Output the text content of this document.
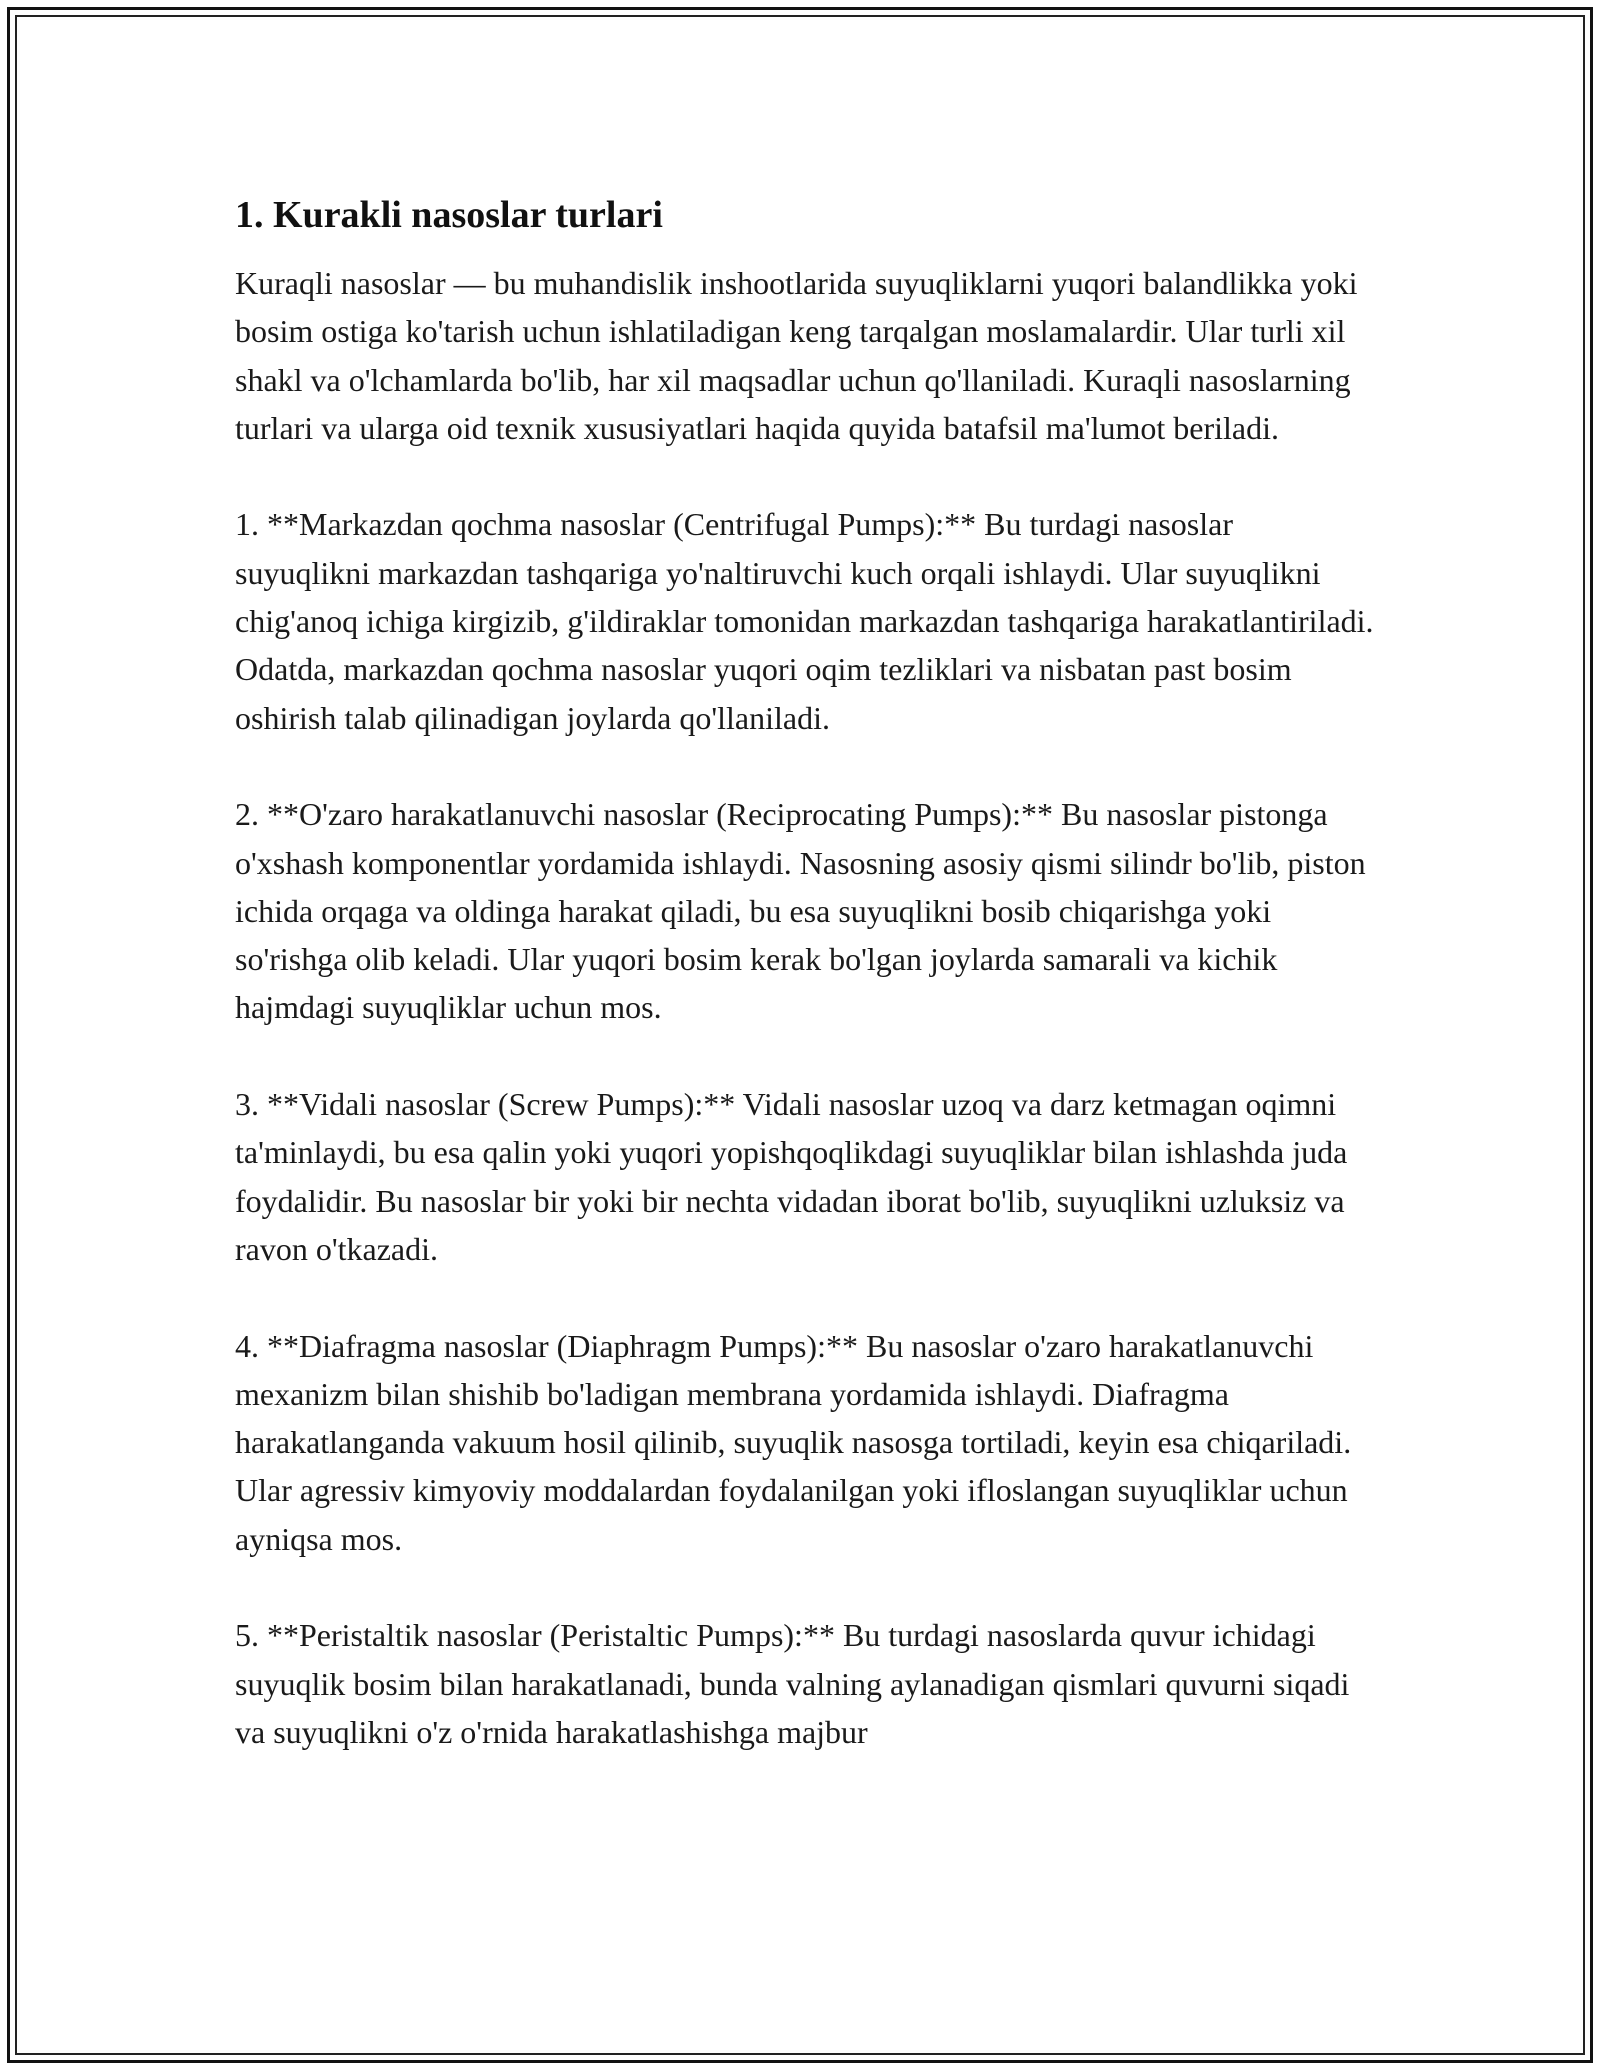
1. Kurakli nasoslar turlari

Kuraqli nasoslar — bu muhandislik inshootlarida suyuqliklarni yuqori balandlikka yoki bosim ostiga ko'tarish uchun ishlatiladigan keng tarqalgan moslamalardir. Ular turli xil shakl va o'lchamlarda bo'lib, har xil maqsadlar uchun qo'llaniladi. Kuraqli nasoslarning turlari va ularga oid texnik xususiyatlari haqida quyida batafsil ma'lumot beriladi.

1. **Markazdan qochma nasoslar (Centrifugal Pumps):** Bu turdagi nasoslar suyuqlikni markazdan tashqariga yo'naltiruvchi kuch orqali ishlaydi. Ular suyuqlikni chig'anoq ichiga kirgizib, g'ildiraklar tomonidan markazdan tashqariga harakatlantiriladi. Odatda, markazdan qochma nasoslar yuqori oqim tezliklari va nisbatan past bosim oshirish talab qilinadigan joylarda qo'llaniladi.

2. **O'zaro harakatlanuvchi nasoslar (Reciprocating Pumps):** Bu nasoslar pistonga o'xshash komponentlar yordamida ishlaydi. Nasosning asosiy qismi silindr bo'lib, piston ichida orqaga va oldinga harakat qiladi, bu esa suyuqlikni bosib chiqarishga yoki so'rishga olib keladi. Ular yuqori bosim kerak bo'lgan joylarda samarali va kichik hajmdagi suyuqliklar uchun mos.

3. **Vidali nasoslar (Screw Pumps):** Vidali nasoslar uzoq va darz ketmagan oqimni ta'minlaydi, bu esa qalin yoki yuqori yopishqoqlikdagi suyuqliklar bilan ishlashda juda foydalidir. Bu nasoslar bir yoki bir nechta vidadan iborat bo'lib, suyuqlikni uzluksiz va ravon o'tkazadi.

4. **Diafragma nasoslar (Diaphragm Pumps):** Bu nasoslar o'zaro harakatlanuvchi mexanizm bilan shishib bo'ladigan membrana yordamida ishlaydi. Diafragma harakatlanganda vakuum hosil qilinib, suyuqlik nasosga tortiladi, keyin esa chiqariladi. Ular agressiv kimyoviy moddalardan foydalanilgan yoki ifloslangan suyuqliklar uchun ayniqsa mos.

5. **Peristaltik nasoslar (Peristaltic Pumps):** Bu turdagi nasoslarda quvur ichidagi suyuqlik bosim bilan harakatlanadi, bunda valning aylanadigan qismlari quvurni siqadi va suyuqlikni o'z o'rnida harakatlashishga majbur
